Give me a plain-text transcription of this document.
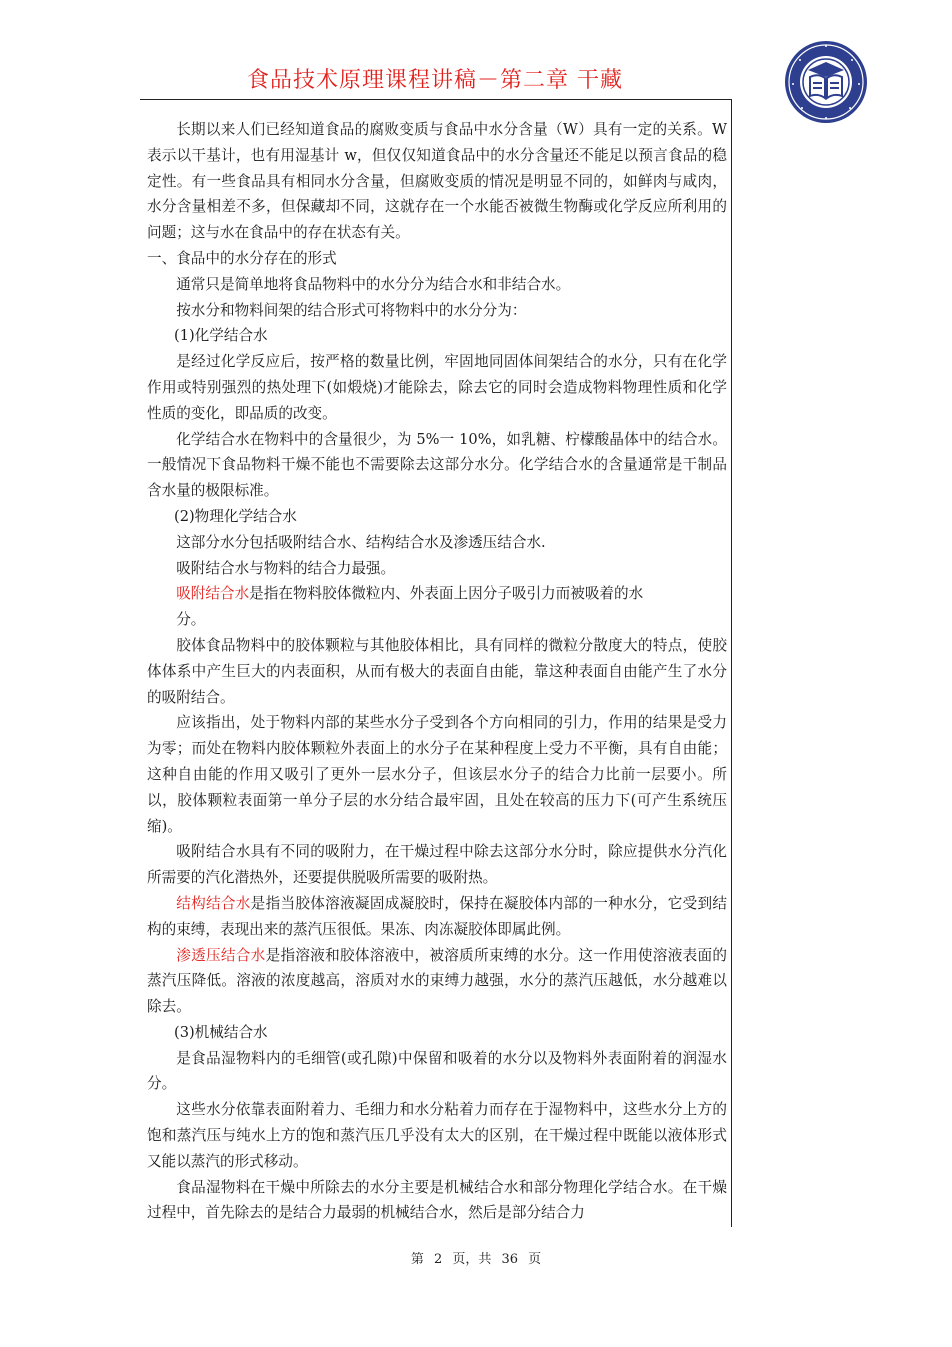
食品技术原理课程讲稿－第二章 干藏

长期以来人们已经知道食品的腐败变质与食品中水分含量（W）具有一定的关系。W 表示以干基计，也有用湿基计 w，但仅仅知道食品中的水分含量还不能足以预言食品的稳定性。有一些食品具有相同水分含量，但腐败变质的情况是明显不同的，如鲜肉与咸肉，水分含量相差不多，但保藏却不同，这就存在一个水能否被微生物酶或化学反应所利用的问题；这与水在食品中的存在状态有关。

一、食品中的水分存在的形式

通常只是简单地将食品物料中的水分分为结合水和非结合水。

按水分和物料间架的结合形式可将物料中的水分分为：

(1)化学结合水

是经过化学反应后，按严格的数量比例，牢固地同固体间架结合的水分，只有在化学作用或特别强烈的热处理下(如煅烧)才能除去，除去它的同时会造成物料物理性质和化学性质的变化，即品质的改变。

化学结合水在物料中的含量很少，为 5%一 10%，如乳糖、柠檬酸晶体中的结合水。一般情况下食品物料干燥不能也不需要除去这部分水分。化学结合水的含量通常是干制品含水量的极限标准。

(2)物理化学结合水

这部分水分包括吸附结合水、结构结合水及渗透压结合水.

吸附结合水与物料的结合力最强。

吸附结合水是指在物料胶体微粒内、外表面上因分子吸引力而被吸着的水

分。

胶体食品物料中的胶体颗粒与其他胶体相比，具有同样的微粒分散度大的特点，使胶体体系中产生巨大的内表面积，从而有极大的表面自由能，靠这种表面自由能产生了水分的吸附结合。

应该指出，处于物料内部的某些水分子受到各个方向相同的引力，作用的结果是受力为零；而处在物料内胶体颗粒外表面上的水分子在某种程度上受力不平衡，具有自由能；这种自由能的作用又吸引了更外一层水分子，但该层水分子的结合力比前一层要小。所以，胶体颗粒表面第一单分子层的水分结合最牢固，且处在较高的压力下(可产生系统压缩)。

吸附结合水具有不同的吸附力，在干燥过程中除去这部分水分时，除应提供水分汽化所需要的汽化潜热外，还要提供脱吸所需要的吸附热。

结构结合水是指当胶体溶液凝固成凝胶时，保持在凝胶体内部的一种水分，它受到结构的束缚，表现出来的蒸汽压很低。果冻、肉冻凝胶体即属此例。

渗透压结合水是指溶液和胶体溶液中，被溶质所束缚的水分。这一作用使溶液表面的蒸汽压降低。溶液的浓度越高，溶质对水的束缚力越强，水分的蒸汽压越低，水分越难以除去。

(3)机械结合水

是食品湿物料内的毛细管(或孔隙)中保留和吸着的水分以及物料外表面附着的润湿水分。

这些水分依靠表面附着力、毛细力和水分粘着力而存在于湿物料中，这些水分上方的饱和蒸汽压与纯水上方的饱和蒸汽压几乎没有太大的区别，在干燥过程中既能以液体形式又能以蒸汽的形式移动。

食品湿物料在干燥中所除去的水分主要是机械结合水和部分物理化学结合水。在干燥过程中，首先除去的是结合力最弱的机械结合水，然后是部分结合力

第 2 页，共 36 页
